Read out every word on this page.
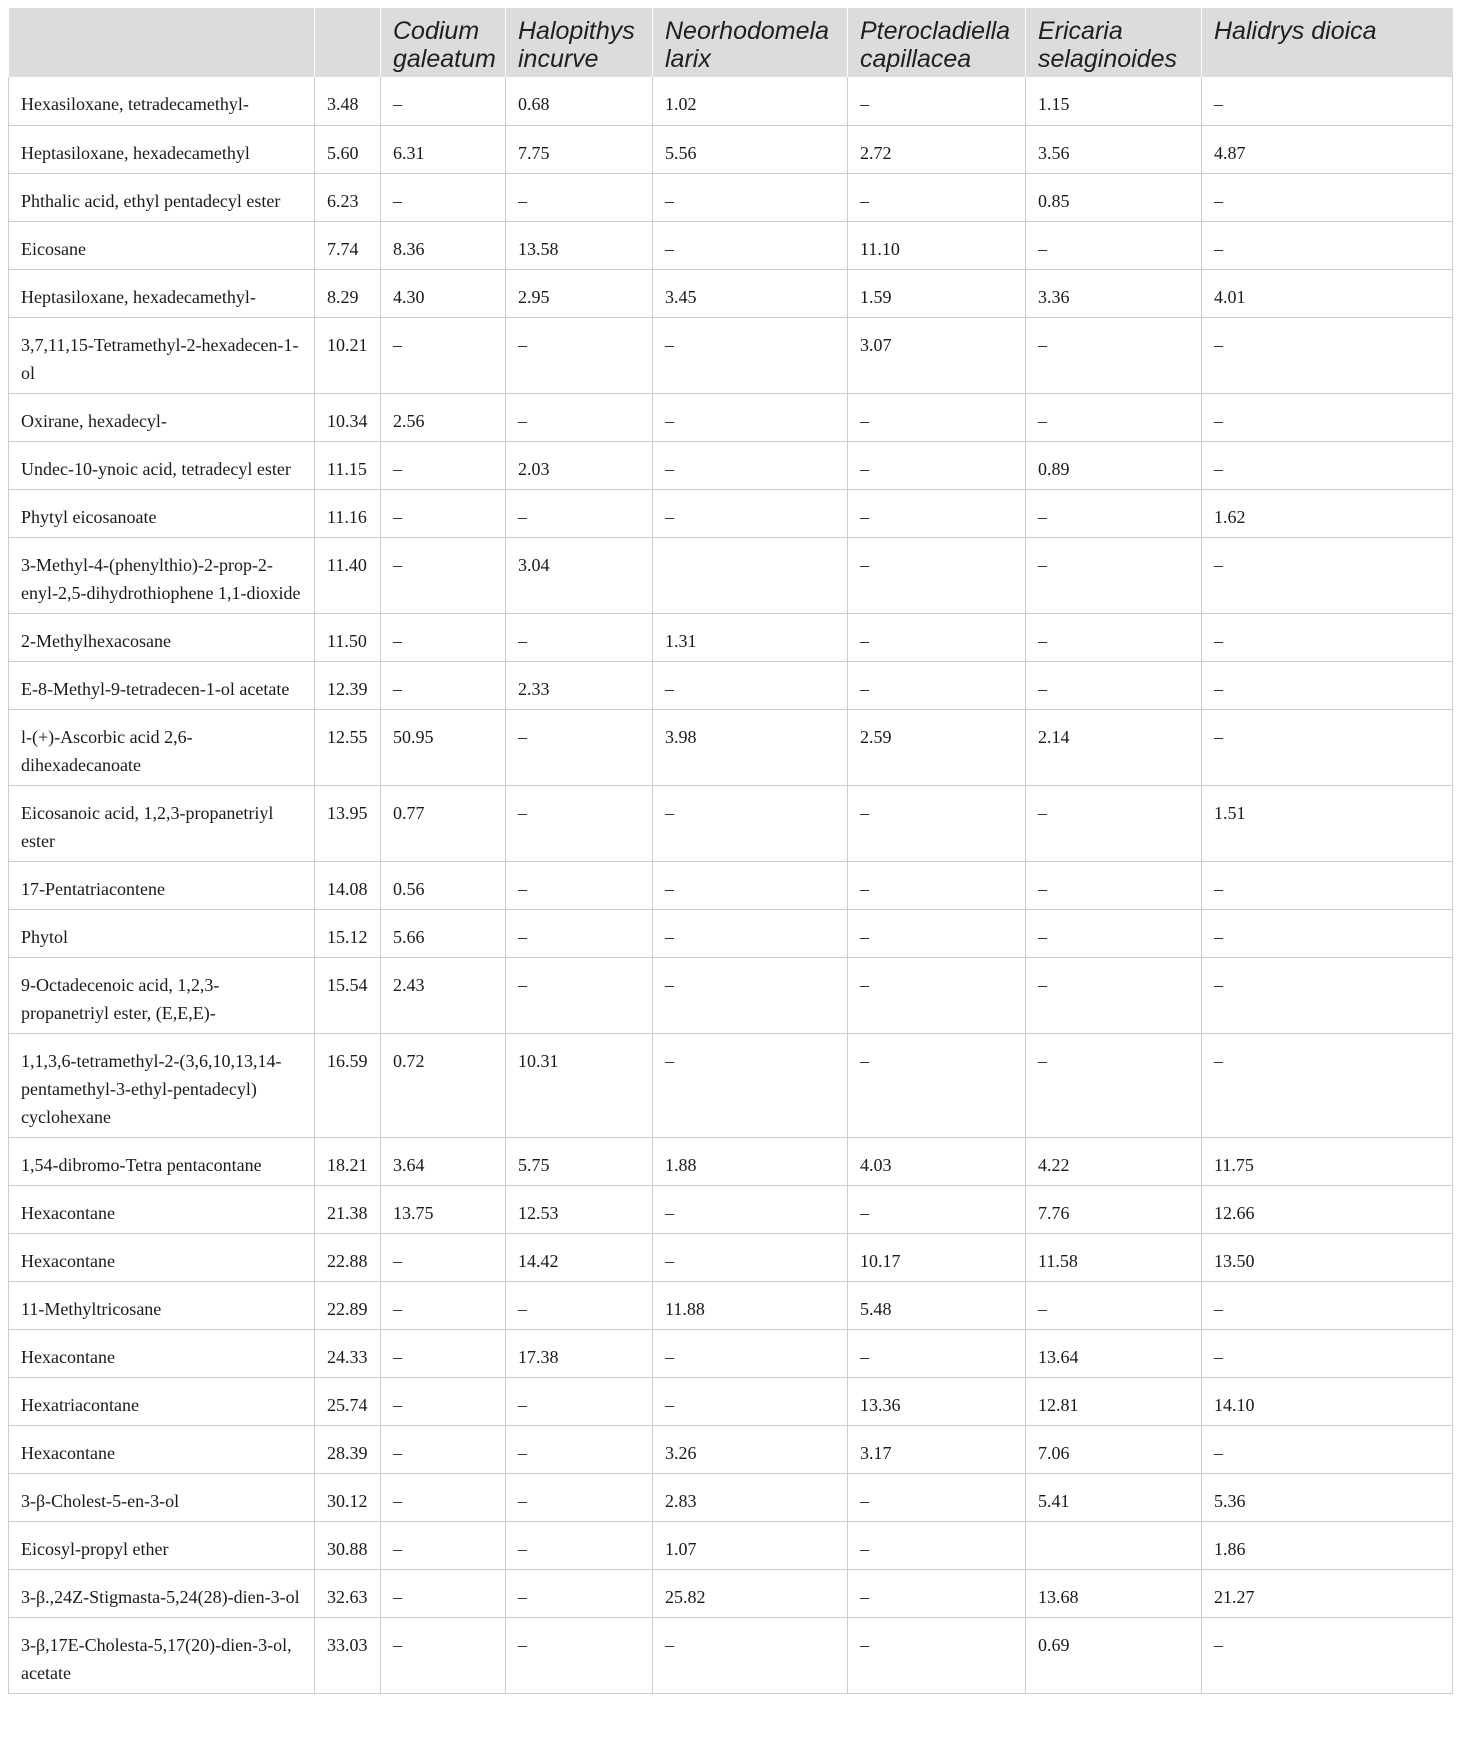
		Codium galeatum	Halopithys incurve	Neorhodomela larix	Pterocladiella capillacea	Ericaria selaginoides	Halidrys dioica
Hexasiloxane, tetradecamethyl-	3.48	–	0.68	1.02	–	1.15	–
Heptasiloxane, hexadecamethyl	5.60	6.31	7.75	5.56	2.72	3.56	4.87
Phthalic acid, ethyl pentadecyl ester	6.23	–	–	–	–	0.85	–
Eicosane	7.74	8.36	13.58	–	11.10	–	–
Heptasiloxane, hexadecamethyl-	8.29	4.30	2.95	3.45	1.59	3.36	4.01
3,7,11,15-Tetramethyl-2-hexadecen-1-ol	10.21	–	–	–	3.07	–	–
Oxirane, hexadecyl-	10.34	2.56	–	–	–	–	–
Undec-10-ynoic acid, tetradecyl ester	11.15	–	2.03	–	–	0.89	–
Phytyl eicosanoate	11.16	–	–	–	–	–	1.62
3-Methyl-4-(phenylthio)-2-prop-2-enyl-2,5-dihydrothiophene 1,1-dioxide	11.40	–	3.04		–	–	–
2-Methylhexacosane	11.50	–	–	1.31	–	–	–
E-8-Methyl-9-tetradecen-1-ol acetate	12.39	–	2.33	–	–	–	–
l-(+)-Ascorbic acid 2,6-dihexadecanoate	12.55	50.95	–	3.98	2.59	2.14	–
Eicosanoic acid, 1,2,3-propanetriyl ester	13.95	0.77	–	–	–	–	1.51
17-Pentatriacontene	14.08	0.56	–	–	–	–	–
Phytol	15.12	5.66	–	–	–	–	–
9-Octadecenoic acid, 1,2,3-propanetriyl ester, (E,E,E)-	15.54	2.43	–	–	–	–	–
1,1,3,6-tetramethyl-2-(3,6,10,13,14-pentamethyl-3-ethyl-pentadecyl) cyclohexane	16.59	0.72	10.31	–	–	–	–
1,54-dibromo-Tetra pentacontane	18.21	3.64	5.75	1.88	4.03	4.22	11.75
Hexacontane	21.38	13.75	12.53	–	–	7.76	12.66
Hexacontane	22.88	–	14.42	–	10.17	11.58	13.50
11-Methyltricosane	22.89	–	–	11.88	5.48	–	–
Hexacontane	24.33	–	17.38	–	–	13.64	–
Hexatriacontane	25.74	–	–	–	13.36	12.81	14.10
Hexacontane	28.39	–	–	3.26	3.17	7.06	–
3-β-Cholest-5-en-3-ol	30.12	–	–	2.83	–	5.41	5.36
Eicosyl-propyl ether	30.88	–	–	1.07	–		1.86
3-β.,24Z-Stigmasta-5,24(28)-dien-3-ol	32.63	–	–	25.82	–	13.68	21.27
3-β,17E-Cholesta-5,17(20)-dien-3-ol, acetate	33.03	–	–	–	–	0.69	–
